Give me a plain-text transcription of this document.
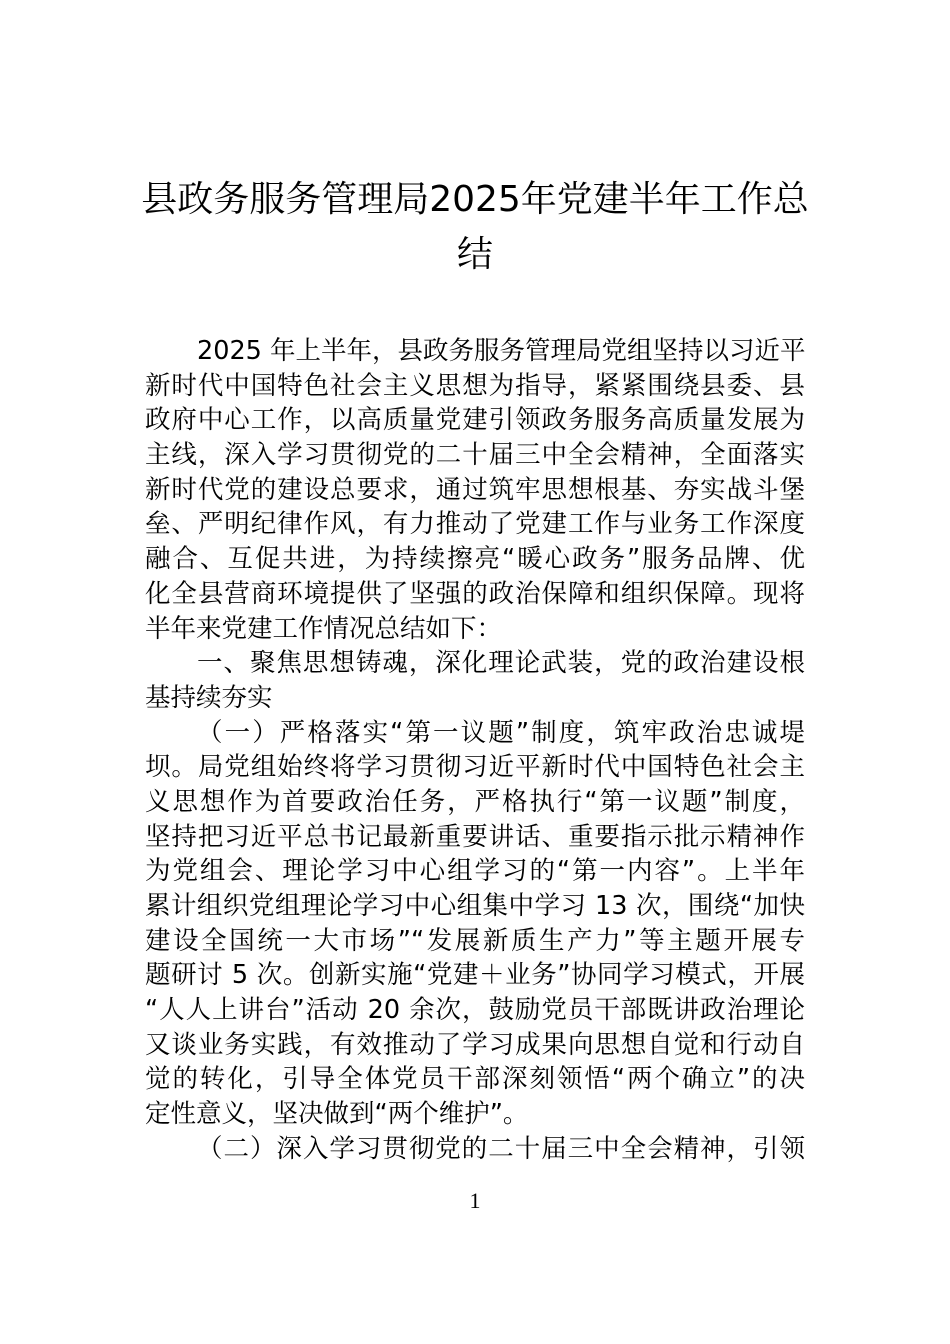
县政务服务管理局2025年党建半年工作总
结
2025 年上半年，县政务服务管理局党组坚持以习近平
新时代中国特色社会主义思想为指导，紧紧围绕县委、县
政府中心工作，以高质量党建引领政务服务高质量发展为
主线，深入学习贯彻党的二十届三中全会精神，全面落实
新时代党的建设总要求，通过筑牢思想根基、夯实战斗堡
垒、严明纪律作风，有力推动了党建工作与业务工作深度
融合、互促共进，为持续擦亮“暖心政务”服务品牌、优
化全县营商环境提供了坚强的政治保障和组织保障。现将
半年来党建工作情况总结如下：
一、聚焦思想铸魂，深化理论武装，党的政治建设根
基持续夯实
（一）严格落实“第一议题”制度，筑牢政治忠诚堤
坝。局党组始终将学习贯彻习近平新时代中国特色社会主
义思想作为首要政治任务，严格执行“第一议题”制度，
坚持把习近平总书记最新重要讲话、重要指示批示精神作
为党组会、理论学习中心组学习的“第一内容”。上半年
累计组织党组理论学习中心组集中学习 13 次，围绕“加快
建设全国统一大市场”“发展新质生产力”等主题开展专
题研讨 5 次。创新实施“党建＋业务”协同学习模式，开展
“人人上讲台”活动 20 余次，鼓励党员干部既讲政治理论
又谈业务实践，有效推动了学习成果向思想自觉和行动自
觉的转化，引导全体党员干部深刻领悟“两个确立”的决
定性意义，坚决做到“两个维护”。
（二）深入学习贯彻党的二十届三中全会精神，引领
1
